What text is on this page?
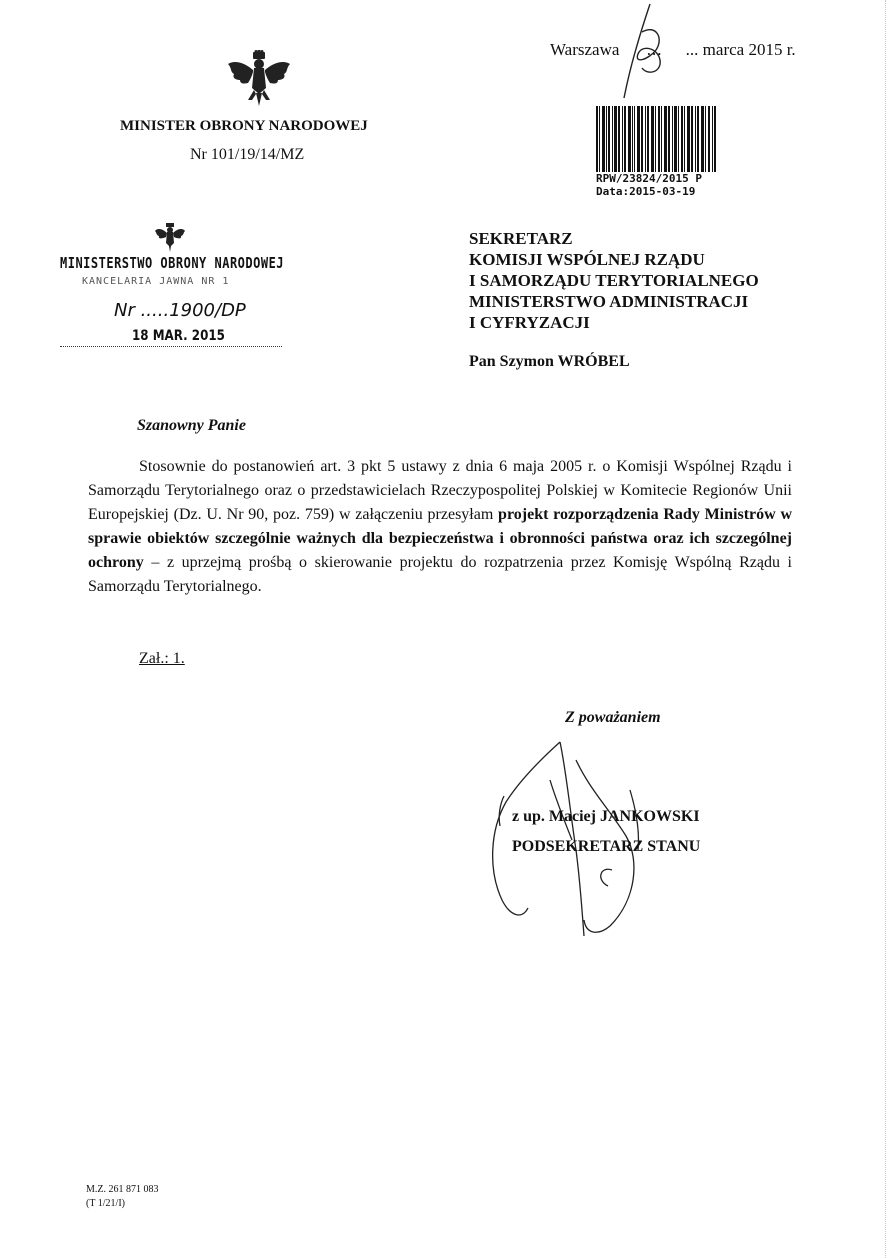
Warszawa ... ... marca 2015 r.
MINISTER OBRONY NARODOWEJ
Nr 101/19/14/MZ
RPW/23824/2015 P
Data:2015-03-19
MINISTERSTWO OBRONY NARODOWEJ
KANCELARIA JAWNA NR 1
Nr .....1900/DP
18 MAR. 2015
SEKRETARZ
KOMISJI WSPÓLNEJ RZĄDU
I SAMORZĄDU TERYTORIALNEGO
MINISTERSTWO ADMINISTRACJI
I CYFRYZACJI
Pan Szymon WRÓBEL
Szanowny Panie

Stosownie do postanowień art. 3 pkt 5 ustawy z dnia 6 maja 2005 r. o Komisji Wspólnej Rządu i Samorządu Terytorialnego oraz o przedstawicielach Rzeczypospolitej Polskiej w Komitecie Regionów Unii Europejskiej (Dz. U. Nr 90, poz. 759) w załączeniu przesyłam projekt rozporządzenia Rady Ministrów w sprawie obiektów szczególnie ważnych dla bezpieczeństwa i obronności państwa oraz ich szczególnej ochrony – z uprzejmą prośbą o skierowanie projektu do rozpatrzenia przez Komisję Wspólną Rządu i Samorządu Terytorialnego.

Zał.: 1.
Z poważaniem
z up. Maciej JANKOWSKI
PODSEKRETARZ STANU
M.Z. 261 871 083
(T 1/21/I)
